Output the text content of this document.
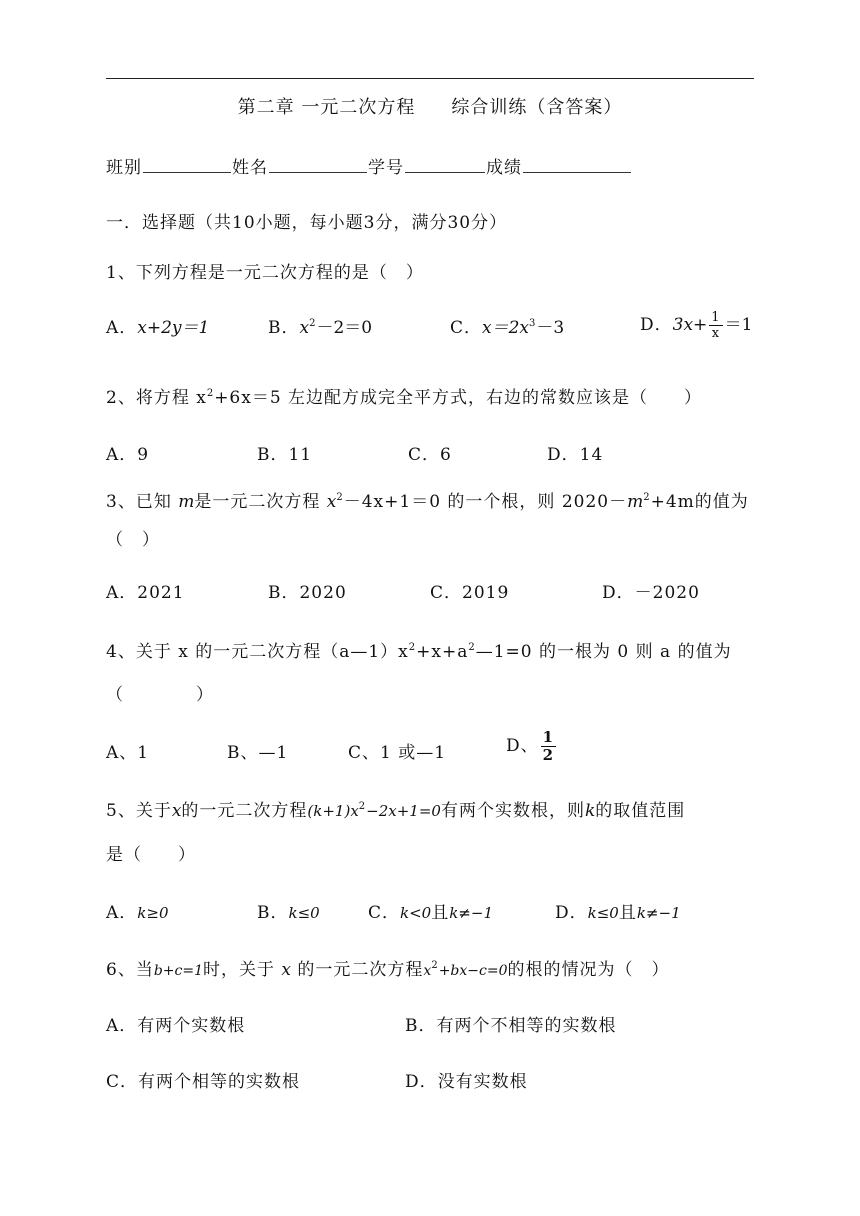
第二章 一元二次方程 综合训练（含答案）
班别	姓名	学号	成绩
一．选择题（共10小题，每小题3分，满分30分）
1、下列方程是一元二次方程的是（　）
A．x+2y＝1	B．$x^2-2=0$	C．$x=2x^3-3$	D．$3x+ \frac{1}{x} =1$
2、将方程 $x^2+6x=5$ 左边配方成完全平方式，右边的常数应该是（　　）
A．9	B．11	C．6	D．14
3、已知 m是一元二次方程 $x^2-4x+1=0$ 的一个根，则 $2020-m^2+4m$的值为
（　）
A．2021	B．2020	C．2019	D．－2020
4、关于 x 的一元二次方程$(a—1)x^2+x+a^2—1=0$ 的一根为 0 则 a 的值为
（　　　　）
A、1	B、—1	C、1 或—1	D、 $\frac{1}{2}$
5、关于x的一元二次方程$(k+1)x^2-2x+1=0$有两个实数根，则k的取值范围
是（　　）
A．k≥0	B．k≤0	C．k<0且k≠−1	D．k≤0且k≠−1
6、当b+c=1时，关于 x 的一元二次方程$x^2+bx-c=0$的根的情况为（　）
A．有两个实数根	B．有两个不相等的实数根
C．有两个相等的实数根	D．没有实数根
